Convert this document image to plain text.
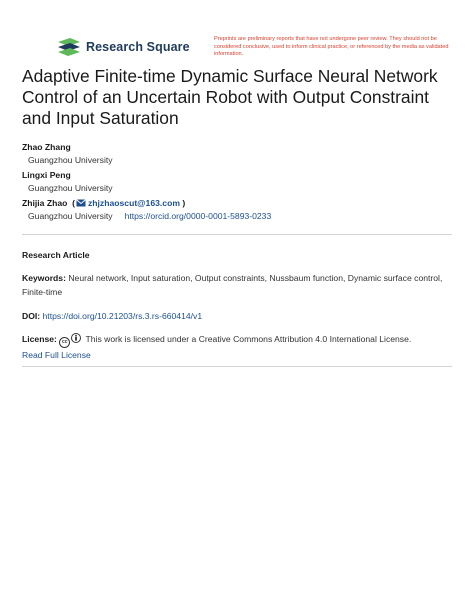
Research Square
Preprints are preliminary reports that have not undergone peer review. They should not be considered conclusive, used to inform clinical practice, or referenced by the media as validated information.
Adaptive Finite-time Dynamic Surface Neural Network Control of an Uncertain Robot with Output Constraint and Input Saturation
Zhao Zhang
Guangzhou University
Lingxi Peng
Guangzhou University
Zhijia Zhao  ( zhjzhaoscut@163.com )
Guangzhou University https://orcid.org/0000-0001-5893-0233
Research Article
Keywords: Neural network, Input saturation, Output constraints, Nussbaum function, Dynamic surface control, Finite-time
DOI: https://doi.org/10.21203/rs.3.rs-660414/v1
License: cc This work is licensed under a Creative Commons Attribution 4.0 International License.
Read Full License
